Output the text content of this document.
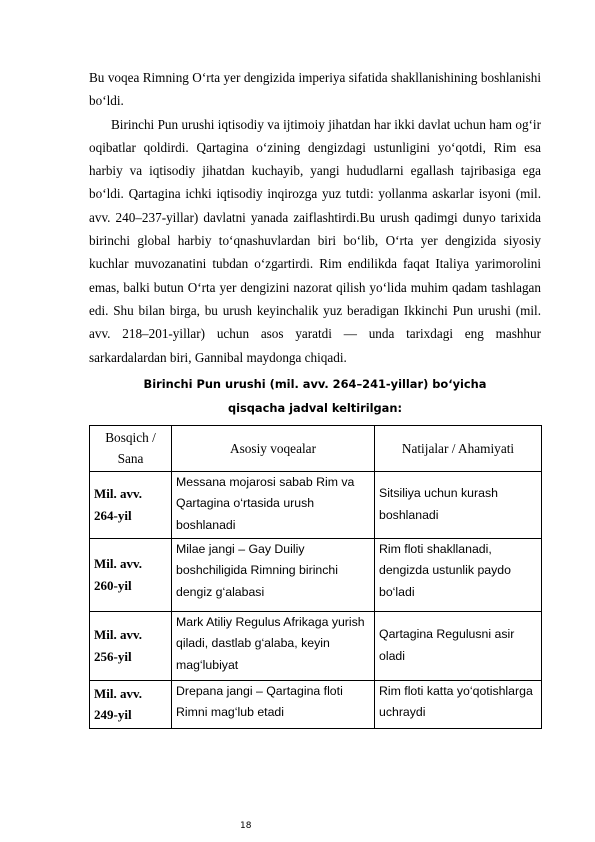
Bu voqea Rimning O‘rta yer dengizida imperiya sifatida shakllanishining boshlanishi bo‘ldi.

Birinchi Pun urushi iqtisodiy va ijtimoiy jihatdan har ikki davlat uchun ham og‘ir oqibatlar qoldirdi. Qartagina o‘zining dengizdagi ustunligini yo‘qotdi, Rim esa harbiy va iqtisodiy jihatdan kuchayib, yangi hududlarni egallash tajribasiga ega bo‘ldi. Qartagina ichki iqtisodiy inqirozga yuz tutdi: yollanma askarlar isyoni (mil. avv. 240–237-yillar) davlatni yanada zaiflashtirdi.Bu urush qadimgi dunyo tarixida birinchi global harbiy to‘qnashuvlardan biri bo‘lib, O‘rta yer dengizida siyosiy kuchlar muvozanatini tubdan o‘zgartirdi. Rim endilikda faqat Italiya yarimorolini emas, balki butun O‘rta yer dengizini nazorat qilish yo‘lida muhim qadam tashlagan edi. Shu bilan birga, bu urush keyinchalik yuz beradigan Ikkinchi Pun urushi (mil. avv. 218–201-yillar) uchun asos yaratdi — unda tarixdagi eng mashhur sarkardalardan biri, Gannibal maydonga chiqadi.

Birinchi Pun urushi (mil. avv. 264–241-yillar) bo‘yicha qisqacha jadval keltirilgan:
Bosqich / Sana	Asosiy voqealar	Natijalar / Ahamiyati
Mil. avv.
264-yil	Messana mojarosi sabab Rim va Qartagina o‘rtasida urush boshlanadi	Sitsiliya uchun kurash boshlanadi
Mil. avv.
260-yil	Milae jangi – Gay Duiliy boshchiligida Rimning birinchi dengiz g‘alabasi	Rim floti shakllanadi, dengizda ustunlik paydo bo‘ladi
Mil. avv.
256-yil	Mark Atiliy Regulus Afrikaga yurish qiladi, dastlab g‘alaba, keyin mag‘lubiyat	Qartagina Regulusni asir oladi
Mil. avv.
249-yil	Drepana jangi – Qartagina floti Rimni mag‘lub etadi	Rim floti katta yo‘qotishlarga uchraydi
18
